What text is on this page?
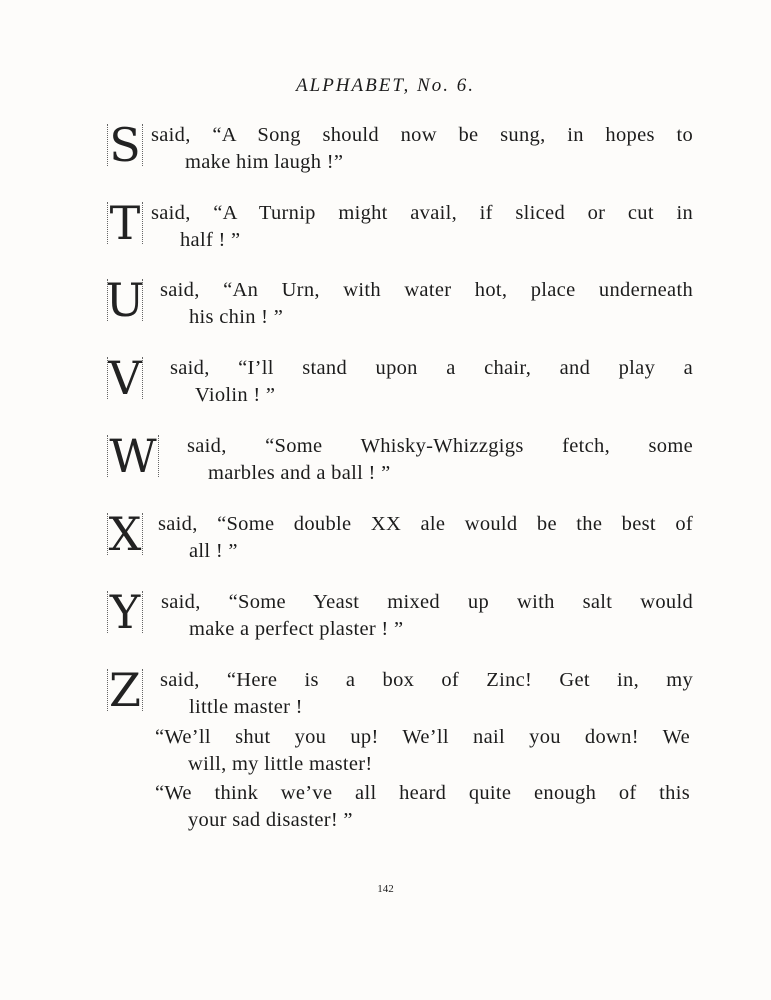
ALPHABET, No. 6.
S said, “A Song should now be sung, in hopes to
make him laugh !”
T said, “A Turnip might avail, if sliced or cut in
half ! ”
U said, “An Urn, with water hot, place underneath
his chin ! ”
V	said, “I’ll stand upon a chair, and play a
Violin ! ”
W	said, “Some Whisky-Whizzgigs fetch, some
marbles and a ball ! ”
X said, “Some double XX ale would be the best of
all ! ”
Y	said, “Some Yeast mixed up with salt would
make a perfect plaster ! ”
Z said, “Here is a box of Zinc! Get in, my
little master !
“We’ll shut you up! We’ll nail you down! We
will, my little master!
“We think we’ve all heard quite enough of this
your sad disaster! ”
142
